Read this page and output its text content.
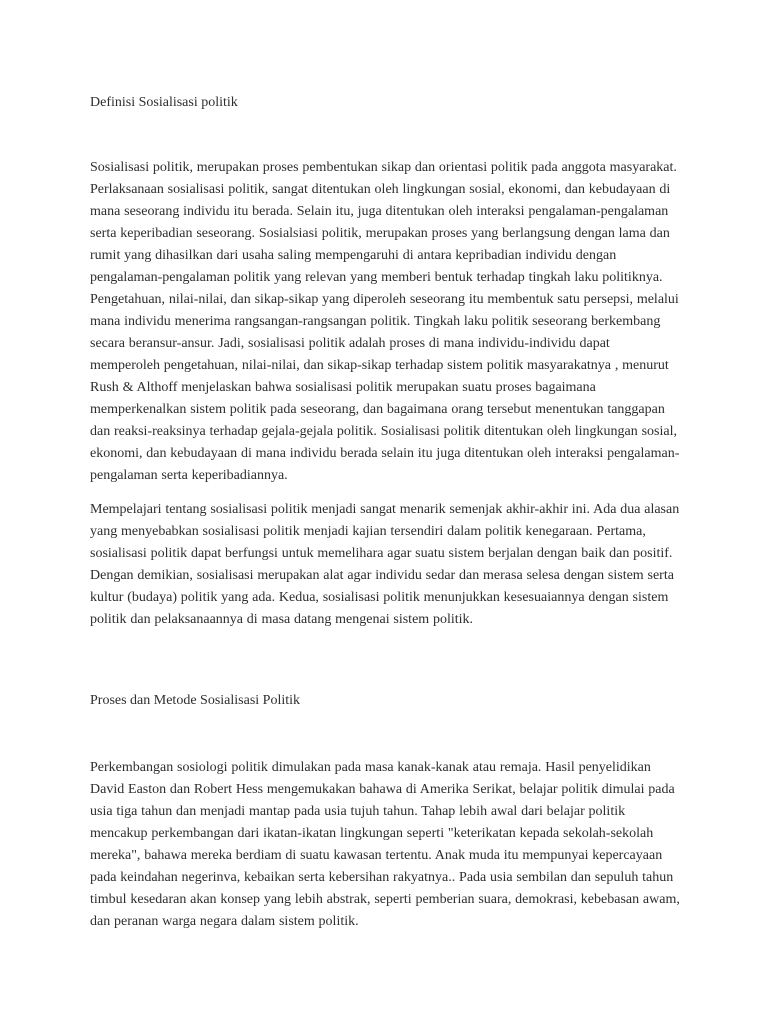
Definisi Sosialisasi politik

Sosialisasi politik, merupakan proses pembentukan sikap dan orientasi politik pada anggota masyarakat. Perlaksanaan sosialisasi politik, sangat ditentukan oleh lingkungan sosial, ekonomi, dan kebudayaan di mana seseorang individu itu berada. Selain itu, juga ditentukan oleh interaksi pengalaman-pengalaman serta keperibadian seseorang. Sosialsiasi politik, merupakan proses yang berlangsung dengan lama dan rumit yang dihasilkan dari usaha saling mempengaruhi di antara kepribadian individu dengan pengalaman-pengalaman politik yang relevan yang memberi bentuk terhadap tingkah laku politiknya. Pengetahuan, nilai-nilai, dan sikap-sikap yang diperoleh seseorang itu membentuk satu persepsi, melalui mana individu menerima rangsangan-rangsangan politik. Tingkah laku politik seseorang berkembang secara beransur-ansur. Jadi, sosialisasi politik adalah proses di mana individu-individu dapat memperoleh pengetahuan, nilai-nilai, dan sikap-sikap terhadap sistem politik masyarakatnya , menurut Rush & Althoff menjelaskan bahwa sosialisasi politik merupakan suatu proses bagaimana memperkenalkan sistem politik pada seseorang, dan bagaimana orang tersebut menentukan tanggapan dan reaksi-reaksinya terhadap gejala-gejala politik. Sosialisasi politik ditentukan oleh lingkungan sosial, ekonomi, dan kebudayaan di mana individu berada selain itu juga ditentukan oleh interaksi pengalaman-pengalaman serta keperibadiannya.

Mempelajari tentang sosialisasi politik menjadi sangat menarik semenjak akhir-akhir ini. Ada dua alasan yang menyebabkan sosialisasi politik menjadi kajian tersendiri dalam politik kenegaraan. Pertama, sosialisasi politik dapat berfungsi untuk memelihara agar suatu sistem berjalan dengan baik dan positif. Dengan demikian, sosialisasi merupakan alat agar individu sedar dan merasa selesa dengan sistem serta kultur (budaya) politik yang ada. Kedua, sosialisasi politik menunjukkan kesesuaiannya dengan sistem politik dan pelaksanaannya di masa datang mengenai sistem politik.

Proses dan Metode Sosialisasi Politik

Perkembangan sosiologi politik dimulakan pada masa kanak-kanak atau remaja. Hasil penyelidikan David Easton dan Robert Hess mengemukakan bahawa di Amerika Serikat, belajar politik dimulai pada usia tiga tahun dan menjadi mantap pada usia tujuh tahun. Tahap lebih awal dari belajar politik mencakup perkembangan dari ikatan-ikatan lingkungan seperti "keterikatan kepada sekolah-sekolah mereka", bahawa mereka berdiam di suatu kawasan tertentu. Anak muda itu mempunyai kepercayaan pada keindahan negerinva, kebaikan serta kebersihan rakyatnya.. Pada usia sembilan dan sepuluh tahun timbul kesedaran akan konsep yang lebih abstrak, seperti pemberian suara, demokrasi, kebebasan awam, dan peranan warga negara dalam sistem politik.
